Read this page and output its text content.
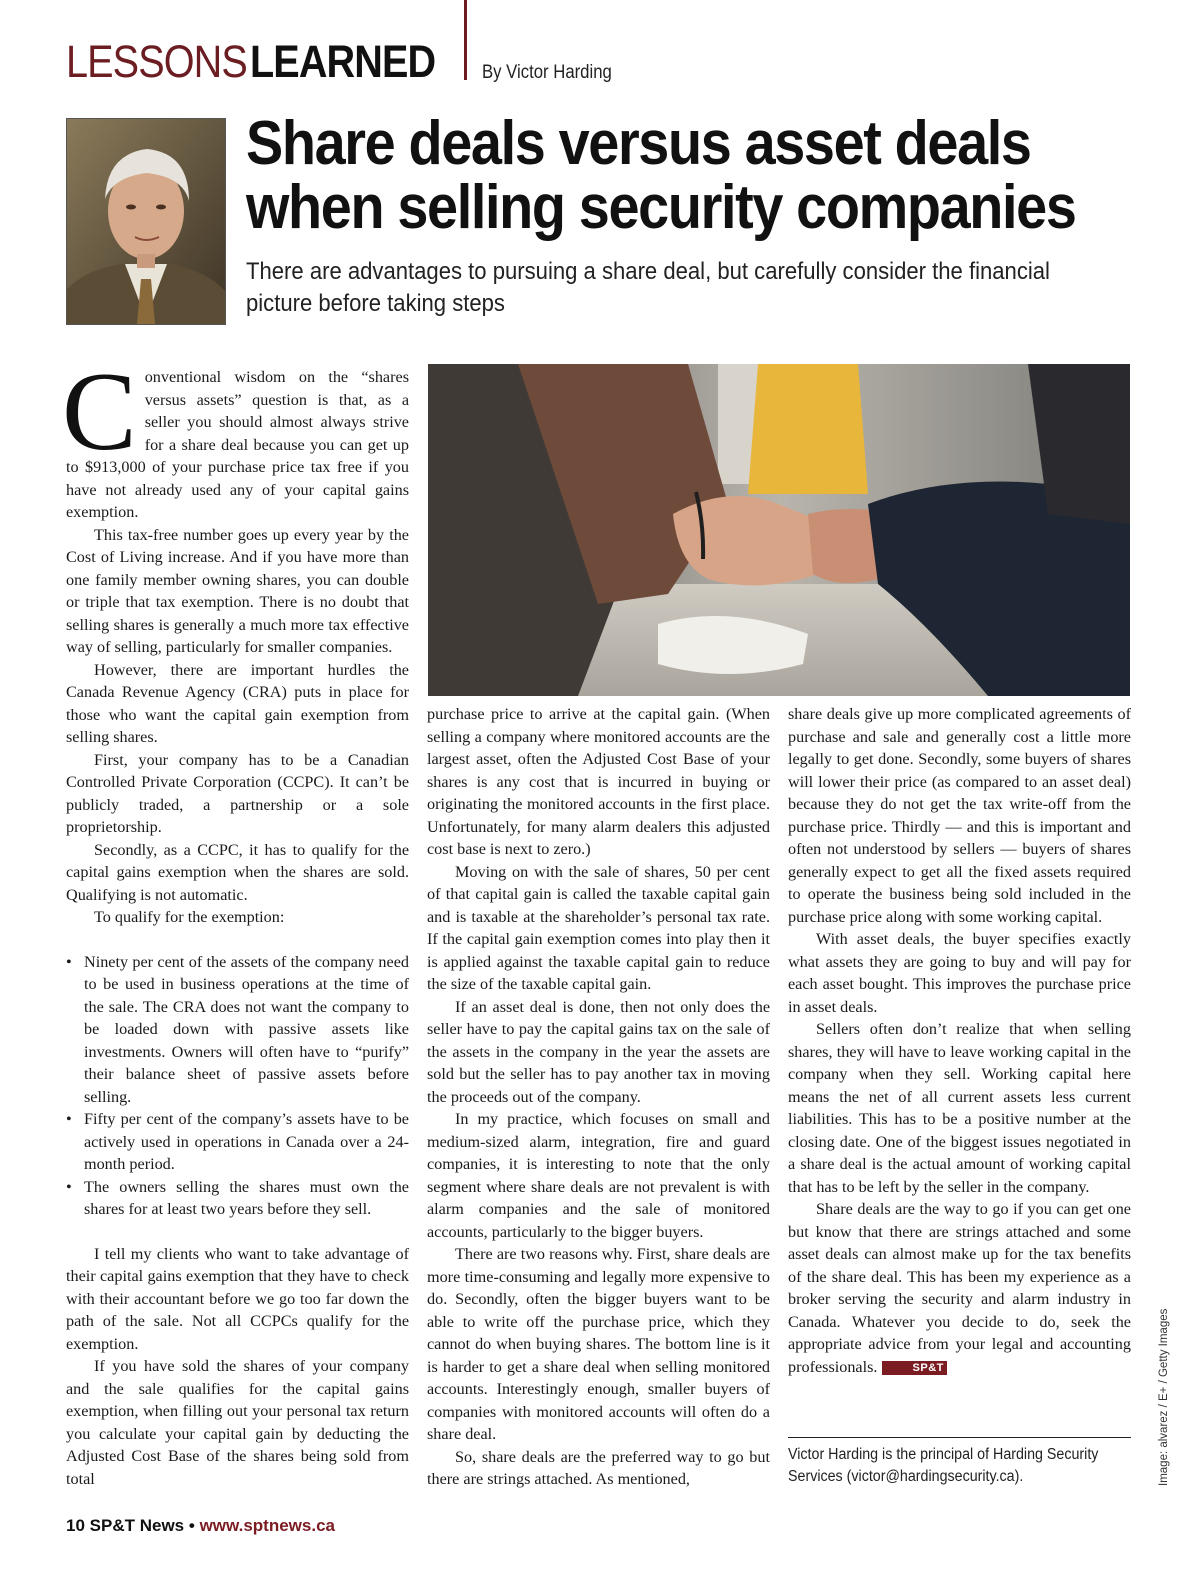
LESSONS LEARNED By Victor Harding
Share deals versus asset deals
when selling security companies
There are advantages to pursuing a share deal, but carefully consider the financial
picture before taking steps

Conventional wisdom on the “shares versus assets” question is that, as a seller you should almost always strive for a share deal because you can get up to $913,000 of your purchase price tax free if you have not already used any of your capital gains exemption.

This tax-free number goes up every year by the Cost of Living increase. And if you have more than one family member owning shares, you can double or triple that tax exemption. There is no doubt that selling shares is generally a much more tax effective way of selling, particularly for smaller companies.

However, there are important hurdles the Canada Revenue Agency (CRA) puts in place for those who want the capital gain exemption from selling shares.

First, your company has to be a Canadian Controlled Private Corporation (CCPC). It can’t be publicly traded, a partnership or a sole proprietorship.

Secondly, as a CCPC, it has to qualify for the capital gains exemption when the shares are sold. Qualifying is not automatic.

To qualify for the exemption:

• Ninety per cent of the assets of the company need to be used in business operations at the time of the sale. The CRA does not want the company to be loaded down with passive assets like investments. Owners will often have to “purify” their balance sheet of passive assets before selling.
• Fifty per cent of the company’s assets have to be actively used in operations in Canada over a 24-month period.
• The owners selling the shares must own the shares for at least two years before they sell.

I tell my clients who want to take advantage of their capital gains exemption that they have to check with their accountant before we go too far down the path of the sale. Not all CCPCs qualify for the exemption.

If you have sold the shares of your company and the sale qualifies for the capital gains exemption, when filling out your personal tax return you calculate your capital gain by deducting the Adjusted Cost Base of the shares being sold from total

purchase price to arrive at the capital gain. (When selling a company where monitored accounts are the largest asset, often the Adjusted Cost Base of your shares is any cost that is incurred in buying or originating the monitored accounts in the first place. Unfortunately, for many alarm dealers this adjusted cost base is next to zero.)

Moving on with the sale of shares, 50 per cent of that capital gain is called the taxable capital gain and is taxable at the shareholder’s personal tax rate. If the capital gain exemption comes into play then it is applied against the taxable capital gain to reduce the size of the taxable capital gain.

If an asset deal is done, then not only does the seller have to pay the capital gains tax on the sale of the assets in the company in the year the assets are sold but the seller has to pay another tax in moving the proceeds out of the company.

In my practice, which focuses on small and medium-sized alarm, integration, fire and guard companies, it is interesting to note that the only segment where share deals are not prevalent is with alarm companies and the sale of monitored accounts, particularly to the bigger buyers.

There are two reasons why. First, share deals are more time-consuming and legally more expensive to do. Secondly, often the bigger buyers want to be able to write off the purchase price, which they cannot do when buying shares. The bottom line is it is harder to get a share deal when selling monitored accounts. Interestingly enough, smaller buyers of companies with monitored accounts will often do a share deal.

So, share deals are the preferred way to go but there are strings attached. As mentioned,

share deals give up more complicated agreements of purchase and sale and generally cost a little more legally to get done. Secondly, some buyers of shares will lower their price (as compared to an asset deal) because they do not get the tax write-off from the purchase price. Thirdly — and this is important and often not understood by sellers — buyers of shares generally expect to get all the fixed assets required to operate the business being sold included in the purchase price along with some working capital.

With asset deals, the buyer specifies exactly what assets they are going to buy and will pay for each asset bought. This improves the purchase price in asset deals.

Sellers often don’t realize that when selling shares, they will have to leave working capital in the company when they sell. Working capital here means the net of all current assets less current liabilities. This has to be a positive number at the closing date. One of the biggest issues negotiated in a share deal is the actual amount of working capital that has to be left by the seller in the company.

Share deals are the way to go if you can get one but know that there are strings attached and some asset deals can almost make up for the tax benefits of the share deal. This has been my experience as a broker serving the security and alarm industry in Canada. Whatever you decide to do, seek the appropriate advice from your legal and accounting professionals.	SP&T

Victor Harding is the principal of Harding Security Services (victor@hardingsecurity.ca).	Image: alvarez / E+ / Getty Images
10 SP&T News • www.sptnews.ca
